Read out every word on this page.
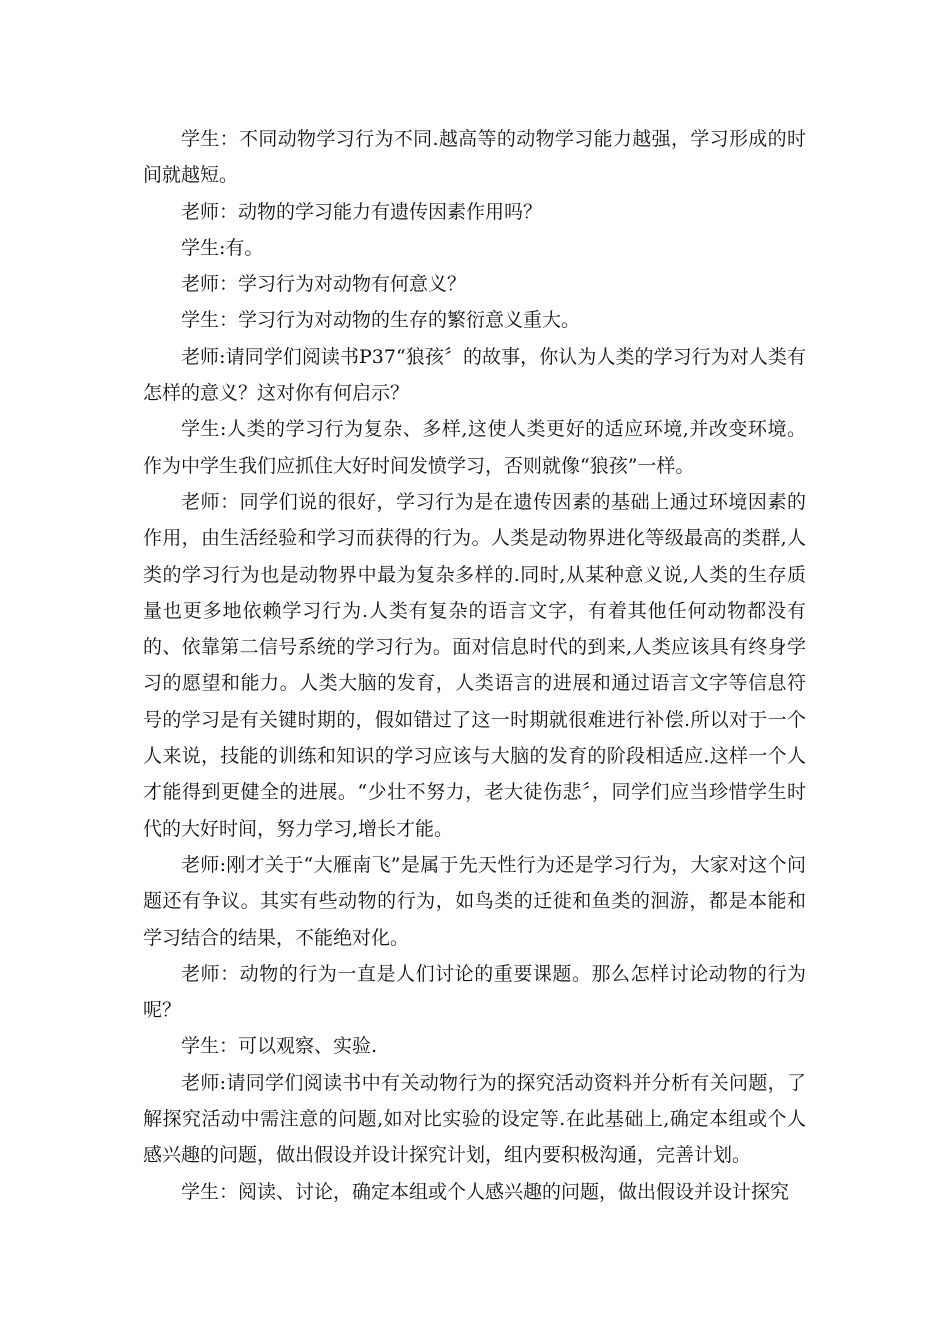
学生：不同动物学习行为不同.越高等的动物学习能力越强，学习形成的时间就越短。

老师：动物的学习能力有遗传因素作用吗？

学生:有。

老师：学习行为对动物有何意义？

学生：学习行为对动物的生存的繁衍意义重大。

老师:请同学们阅读书P37“狼孩〞的故事，你认为人类的学习行为对人类有怎样的意义？这对你有何启示？

学生:人类的学习行为复杂、多样,这使人类更好的适应环境,并改变环境。作为中学生我们应抓住大好时间发愤学习，否则就像“狼孩”一样。

老师：同学们说的很好，学习行为是在遗传因素的基础上通过环境因素的作用，由生活经验和学习而获得的行为。人类是动物界进化等级最高的类群,人类的学习行为也是动物界中最为复杂多样的.同时,从某种意义说,人类的生存质量也更多地依赖学习行为.人类有复杂的语言文字，有着其他任何动物都没有的、依靠第二信号系统的学习行为。面对信息时代的到来,人类应该具有终身学习的愿望和能力。人类大脑的发育，人类语言的进展和通过语言文字等信息符号的学习是有关键时期的，假如错过了这一时期就很难进行补偿.所以对于一个人来说，技能的训练和知识的学习应该与大脑的发育的阶段相适应.这样一个人才能得到更健全的进展。“少壮不努力，老大徒伤悲〞，同学们应当珍惜学生时代的大好时间，努力学习,增长才能。

老师:刚才关于“大雁南飞”是属于先天性行为还是学习行为，大家对这个问题还有争议。其实有些动物的行为，如鸟类的迁徙和鱼类的洄游，都是本能和学习结合的结果，不能绝对化。

老师：动物的行为一直是人们讨论的重要课题。那么怎样讨论动物的行为呢？

学生：可以观察、实验.

老师:请同学们阅读书中有关动物行为的探究活动资料并分析有关问题，了解探究活动中需注意的问题,如对比实验的设定等.在此基础上,确定本组或个人感兴趣的问题，做出假设并设计探究计划，组内要积极沟通，完善计划。

学生：阅读、讨论，确定本组或个人感兴趣的问题，做出假设并设计探究
